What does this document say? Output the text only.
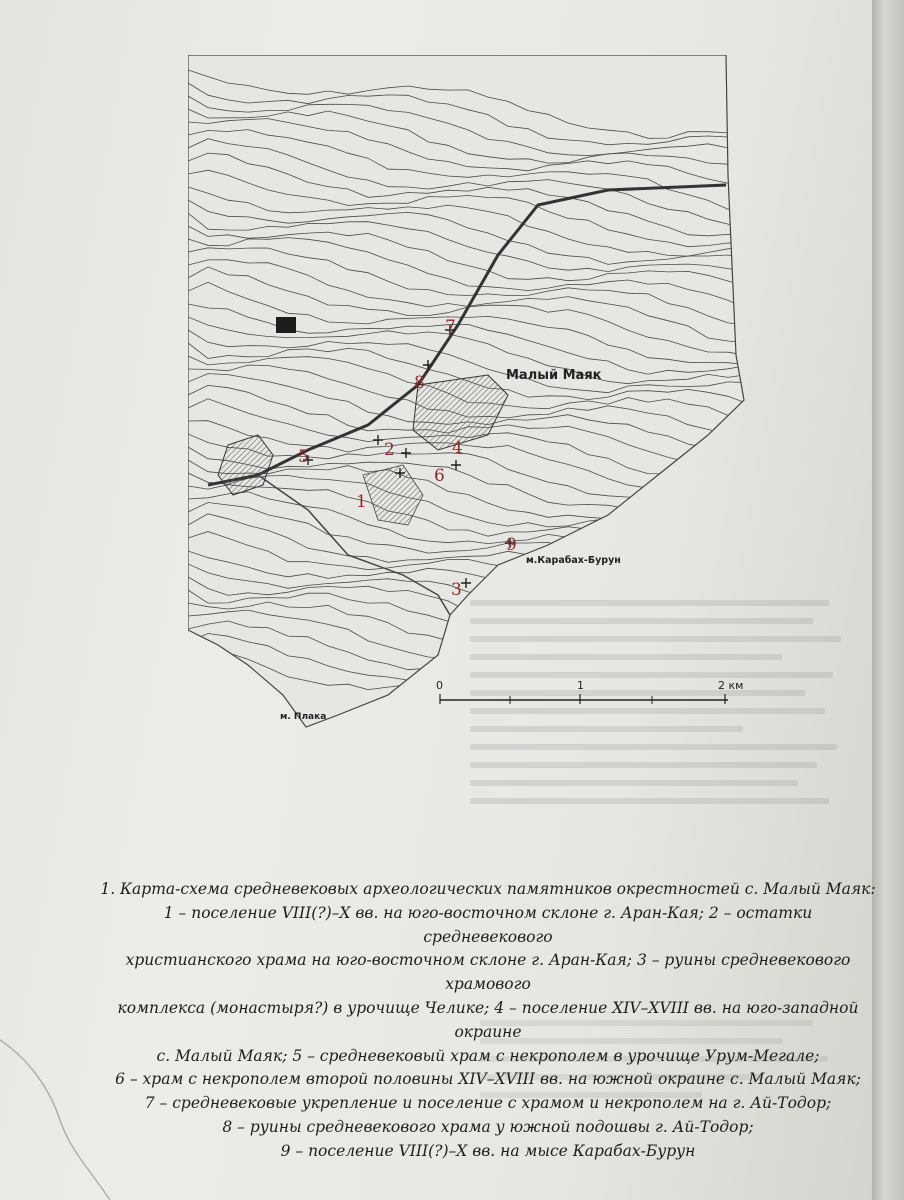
Малый Маяк
м.Карабах-Бурун
м. Плака
1
2
3
4
5
6
7
8
9
0	1	2 км

1. Карта-схема средневековых археологических памятников окрестностей с. Малый Маяк:

1 – поселение VIII(?)–X вв. на юго-восточном склоне г. Аран-Кая; 2 – остатки средневекового

христианского храма на юго-восточном склоне г. Аран-Кая; 3 – руины средневекового храмового

комплекса (монастыря?) в урочище Челике; 4 – поселение XIV–XVIII вв. на юго-западной окраине

с. Малый Маяк; 5 – средневековый храм с некрополем в урочище Урум-Мегале;

6 – храм с некрополем второй половины XIV–XVIII вв. на южной окраине с. Малый Маяк;

7 – средневековые укрепление и поселение с храмом и некрополем на г. Ай-Тодор;

8 – руины средневекового храма у южной подошвы г. Ай-Тодор;

9 – поселение VIII(?)–X вв. на мысе Карабах-Бурун
